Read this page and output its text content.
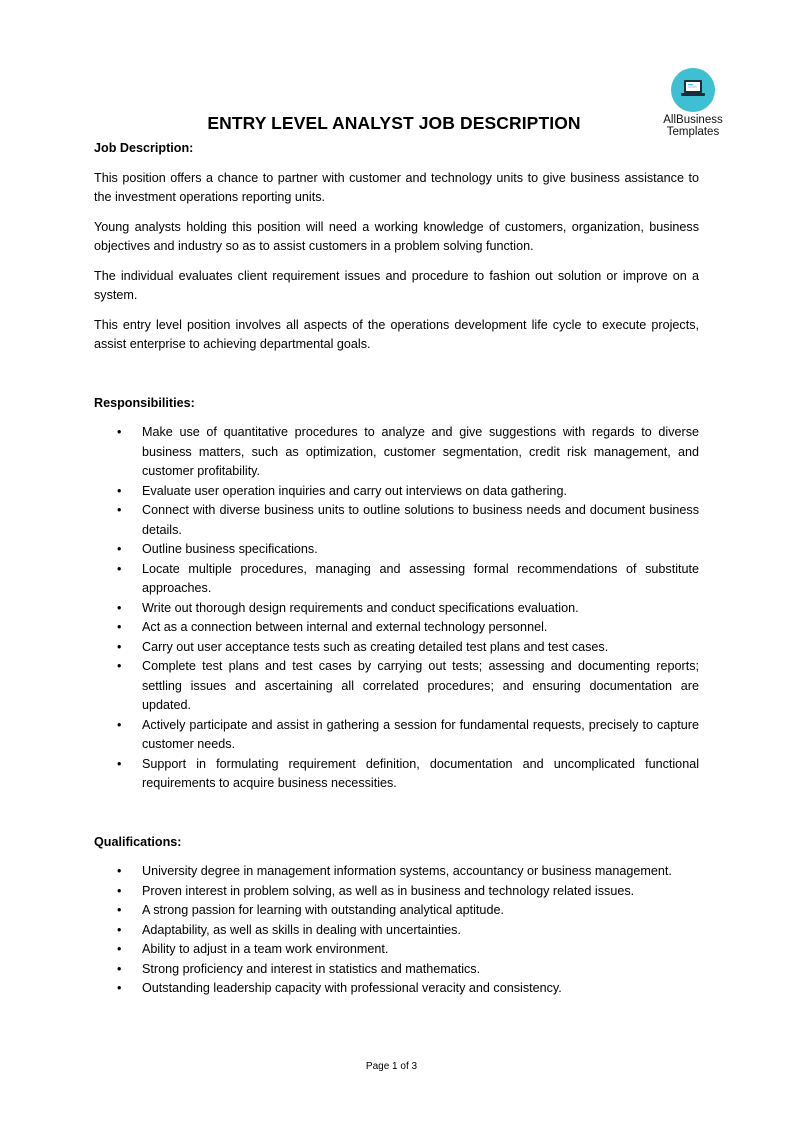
AllBusiness
Templates
ENTRY LEVEL ANALYST JOB DESCRIPTION

Job Description:

This position offers a chance to partner with customer and technology units to give business assistance to the investment operations reporting units.

Young analysts holding this position will need a working knowledge of customers, organization, business objectives and industry so as to assist customers in a problem solving function.

The individual evaluates client requirement issues and procedure to fashion out solution or improve on a system.

This entry level position involves all aspects of the operations development life cycle to execute projects, assist enterprise to achieving departmental goals.

Responsibilities:

• Make use of quantitative procedures to analyze and give suggestions with regards to diverse business matters, such as optimization, customer segmentation, credit risk management, and customer profitability.
• Evaluate user operation inquiries and carry out interviews on data gathering.
• Connect with diverse business units to outline solutions to business needs and document business details.
• Outline business specifications.
• Locate multiple procedures, managing and assessing formal recommendations of substitute approaches.
• Write out thorough design requirements and conduct specifications evaluation.
• Act as a connection between internal and external technology personnel.
• Carry out user acceptance tests such as creating detailed test plans and test cases.
• Complete test plans and test cases by carrying out tests; assessing and documenting reports; settling issues and ascertaining all correlated procedures; and ensuring documentation are updated.
• Actively participate and assist in gathering a session for fundamental requests, precisely to capture customer needs.
• Support in formulating requirement definition, documentation and uncomplicated functional requirements to acquire business necessities.

Qualifications:

• University degree in management information systems, accountancy or business management.
• Proven interest in problem solving, as well as in business and technology related issues.
• A strong passion for learning with outstanding analytical aptitude.
• Adaptability, as well as skills in dealing with uncertainties.
• Ability to adjust in a team work environment.
• Strong proficiency and interest in statistics and mathematics.
• Outstanding leadership capacity with professional veracity and consistency.
Page 1 of 3
